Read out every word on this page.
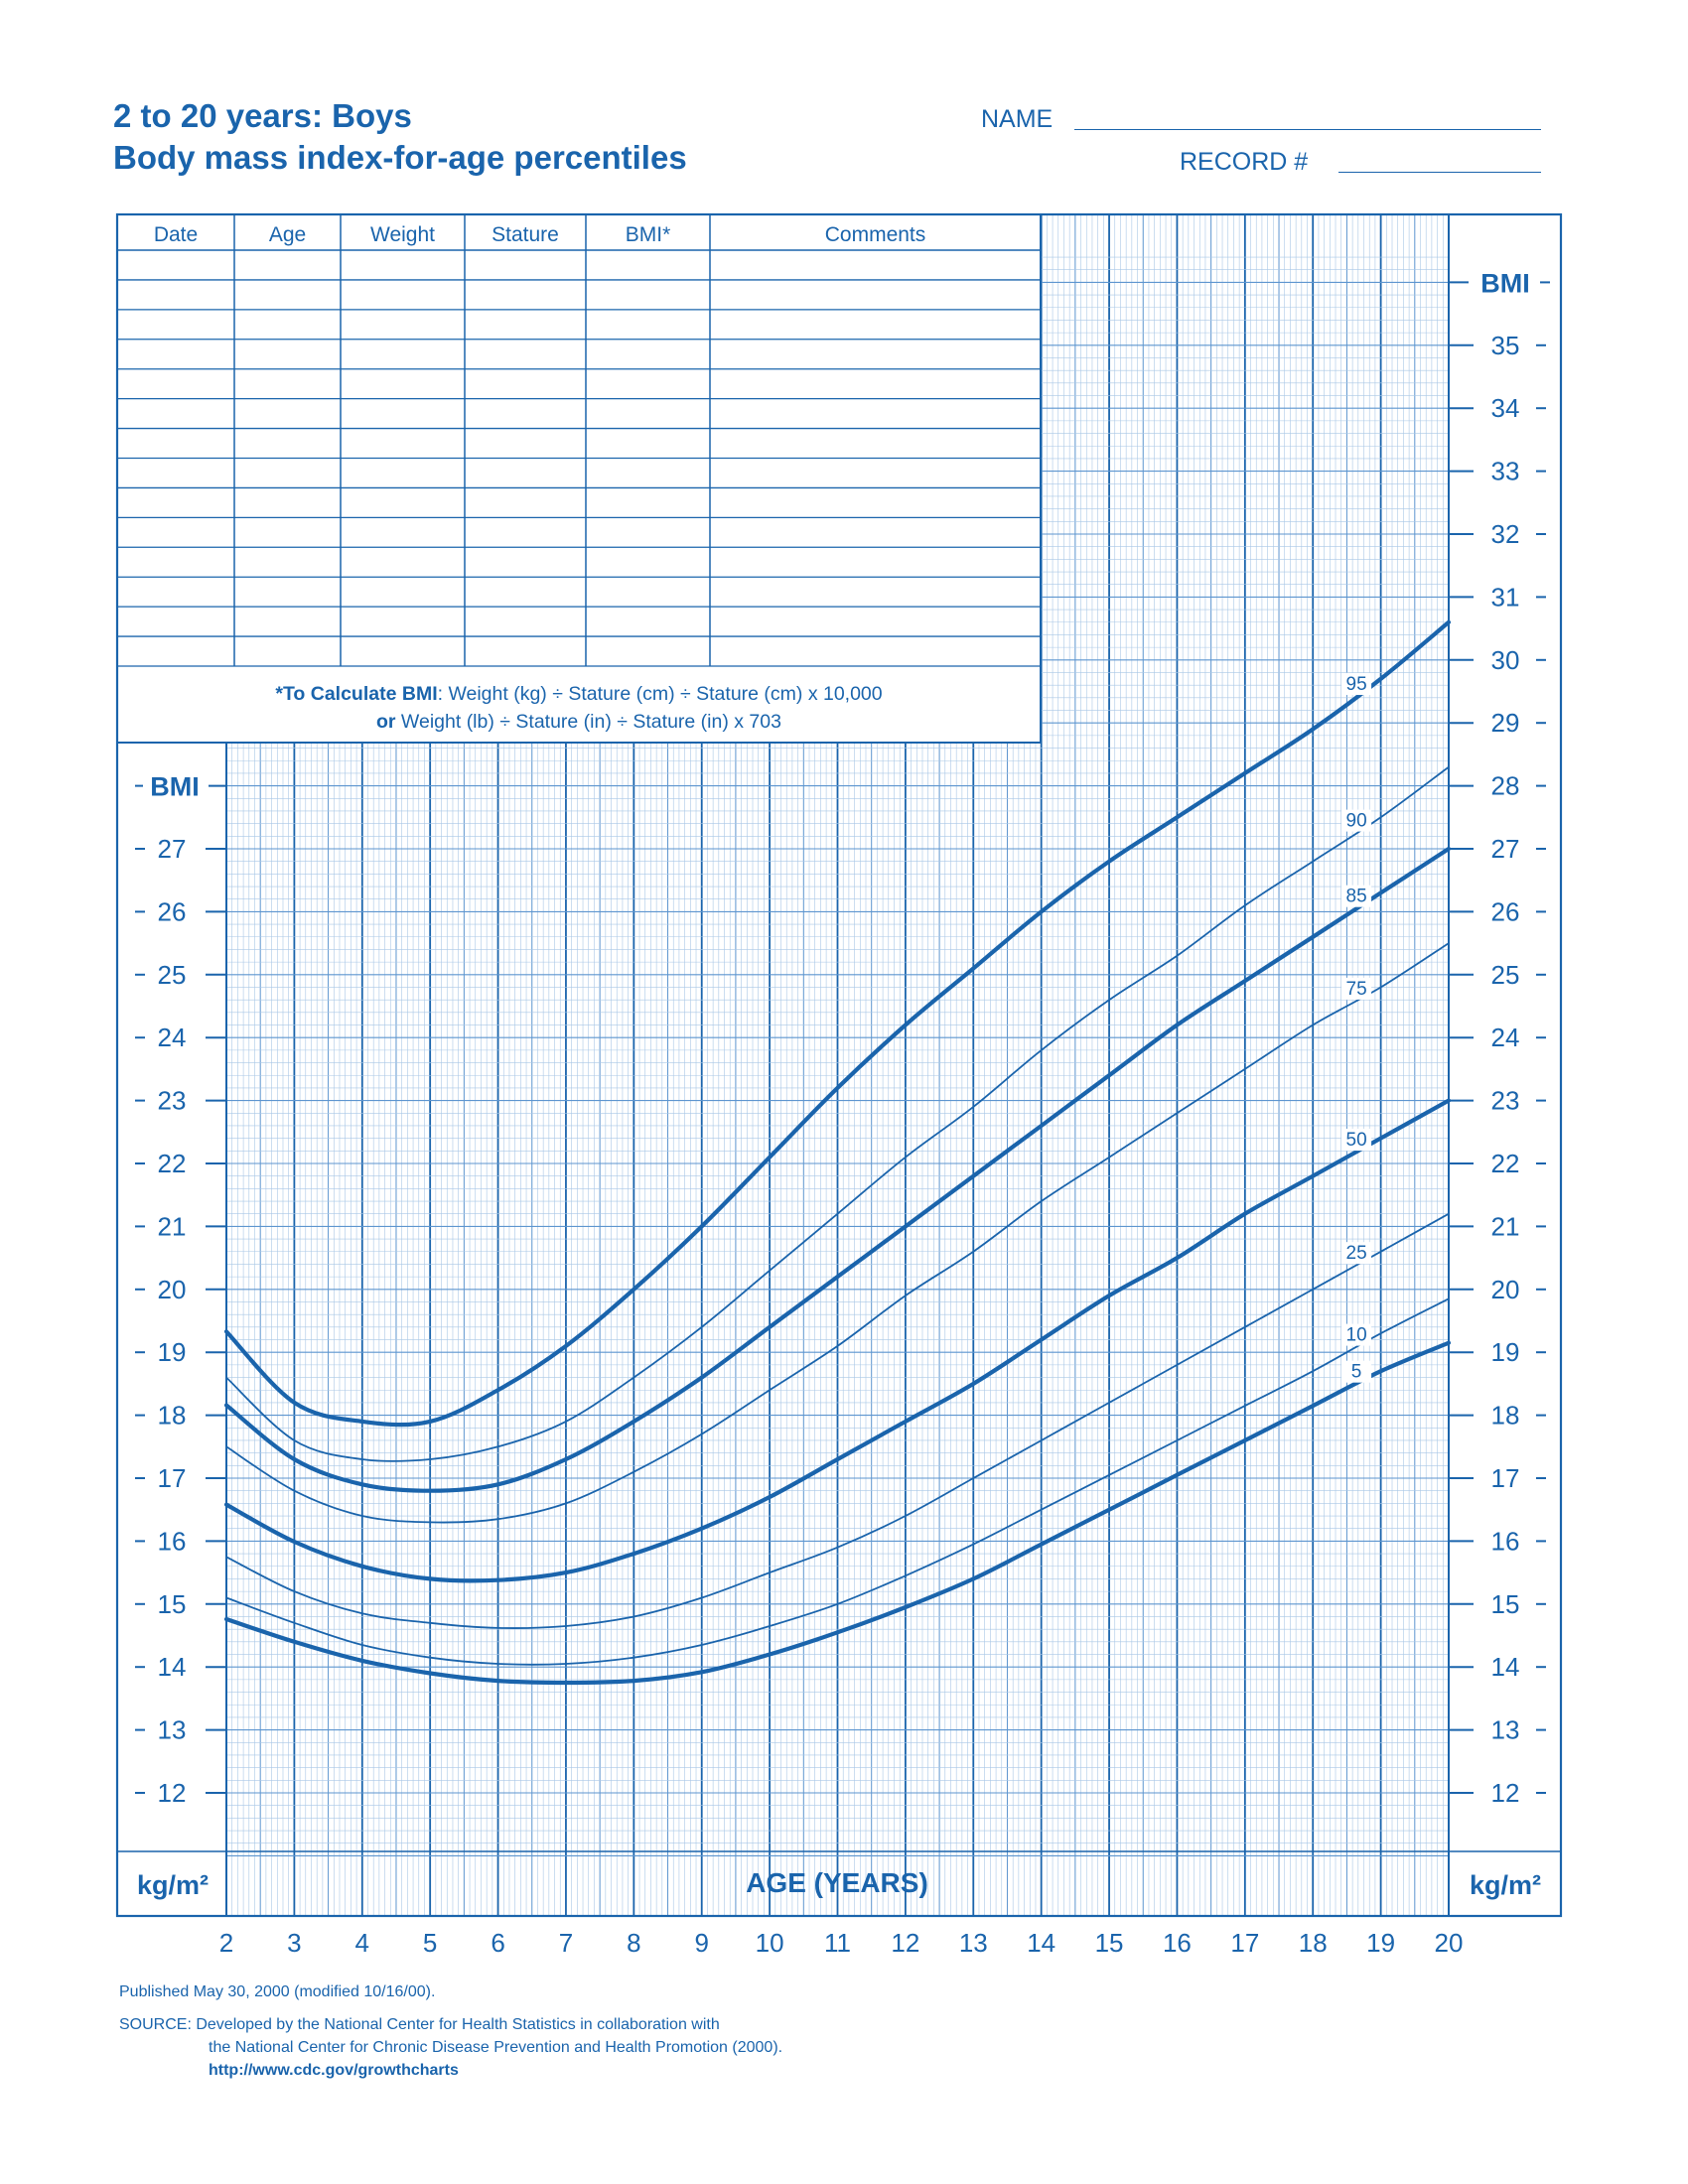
2 to 20 years: Boys
Body mass index-for-age percentiles
NAME
RECORD #
Date	Age	Weight	Stature	BMI*	Comments
*To Calculate BMI: Weight (kg) ÷ Stature (cm) ÷ Stature (cm) x 10,000
or Weight (lb) ÷ Stature (in) ÷ Stature (in) x 703
12
13
14
15
16
17
18
19
20
21
22
23
24
25
26
27
BMI
12
13
14
15
16
17
18
19
20
21
22
23
24
25
26
27
28
29
30
31
32
33
34
35
BMI
2 3 4 5 6 7 8 9 10 11 12 13 14 15 16 17 18 19 20
AGE (YEARS)
kg/m²	kg/m²
95
90
85
75
50
25
10
5
Published May 30, 2000 (modified 10/16/00).
SOURCE: Developed by the National Center for Health Statistics in collaboration with
the National Center for Chronic Disease Prevention and Health Promotion (2000).
http://www.cdc.gov/growthcharts
